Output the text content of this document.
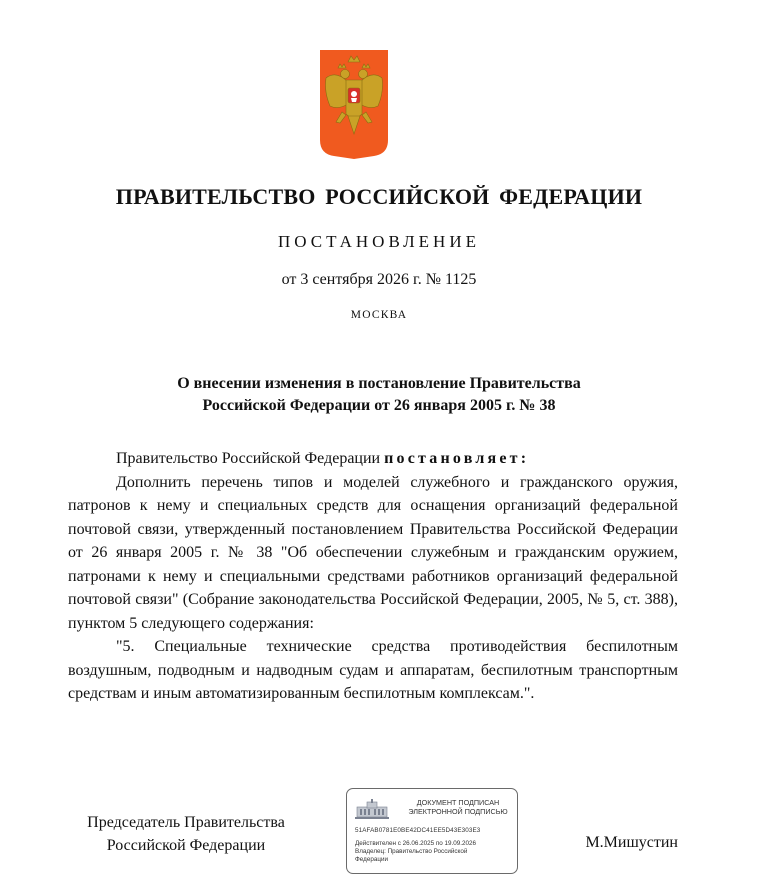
ПРАВИТЕЛЬСТВО РОССИЙСКОЙ ФЕДЕРАЦИИ
ПОСТАНОВЛЕНИЕ
от 3 сентября 2026 г. № 1125
МОСКВА
О внесении изменения в постановление Правительства
Российской Федерации от 26 января 2005 г. № 38

Правительство Российской Федерации постановляет:

Дополнить перечень типов и моделей служебного и гражданского оружия, патронов к нему и специальных средств для оснащения организаций федеральной почтовой связи, утвержденный постановлением Правительства Российской Федерации от 26 января 2005 г. № 38 "Об обеспечении служебным и гражданским оружием, патронами к нему и специальными средствами работников организаций федеральной почтовой связи" (Собрание законодательства Российской Федерации, 2005, № 5, ст. 388), пунктом 5 следующего содержания:

"5. Специальные технические средства противодействия беспилотным воздушным, подводным и надводным судам и аппаратам, беспилотным транспортным средствам и иным автоматизированным беспилотным комплексам.".

Председатель Правительства
Российской Федерации
ДОКУМЕНТ ПОДПИСАН
ЭЛЕКТРОННОЙ ПОДПИСЬЮ
51AFAB0781E0BE42DC41EE5D43E303E3
Действителен с 26.06.2025 по 19.09.2026
Владелец: Правительство Российской
Федерации
М.Мишустин
